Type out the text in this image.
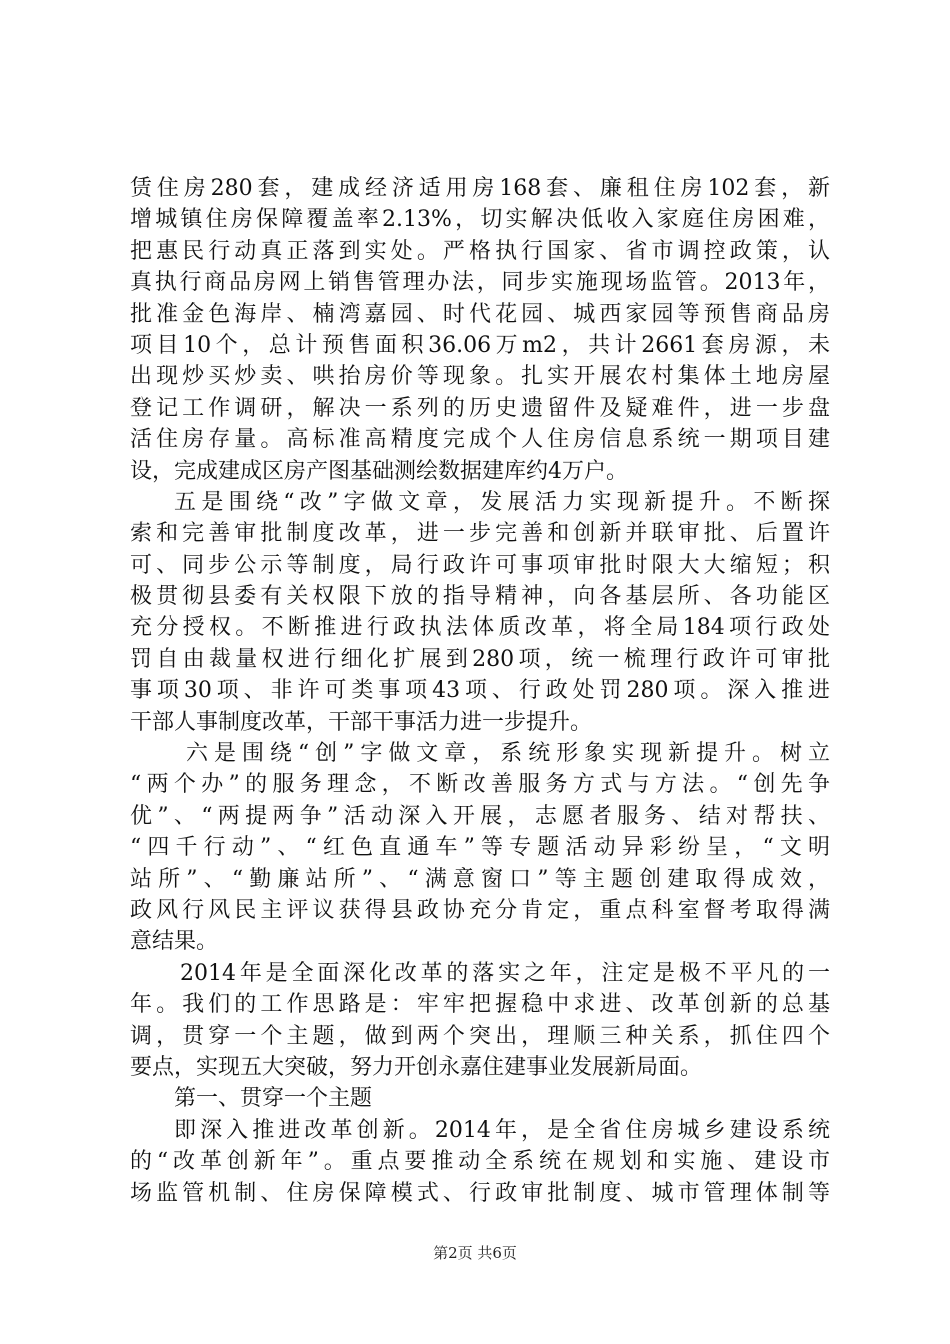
赁住房280套，建成经济适用房168套、廉租住房102套，新
增城镇住房保障覆盖率2.13%，切实解决低收入家庭住房困难，
把惠民行动真正落到实处。严格执行国家、省市调控政策，认
真执行商品房网上销售管理办法，同步实施现场监管。2013年，
批准金色海岸、楠湾嘉园、时代花园、城西家园等预售商品房
项目10个，总计预售面积36.06万m2，共计2661套房源，未
出现炒买炒卖、哄抬房价等现象。扎实开展农村集体土地房屋
登记工作调研，解决一系列的历史遗留件及疑难件，进一步盘
活住房存量。高标准高精度完成个人住房信息系统一期项目建
设，完成建成区房产图基础测绘数据建库约4万户。
五是围绕“改”字做文章，发展活力实现新提升。不断探
索和完善审批制度改革，进一步完善和创新并联审批、后置许
可、同步公示等制度，局行政许可事项审批时限大大缩短；积
极贯彻县委有关权限下放的指导精神，向各基层所、各功能区
充分授权。不断推进行政执法体质改革，将全局184项行政处
罚自由裁量权进行细化扩展到280项，统一梳理行政许可审批
事项30项、非许可类事项43项、行政处罚280项。深入推进
干部人事制度改革，干部干事活力进一步提升。
六是围绕“创”字做文章，系统形象实现新提升。树立
“两个办”的服务理念，不断改善服务方式与方法。“创先争
优”、“两提两争”活动深入开展，志愿者服务、结对帮扶、
“四千行动”、“红色直通车”等专题活动异彩纷呈，“文明
站所”、“勤廉站所”、“满意窗口”等主题创建取得成效，
政风行风民主评议获得县政协充分肯定，重点科室督考取得满
意结果。
2014年是全面深化改革的落实之年，注定是极不平凡的一
年。我们的工作思路是：牢牢把握稳中求进、改革创新的总基
调，贯穿一个主题，做到两个突出，理顺三种关系，抓住四个
要点，实现五大突破，努力开创永嘉住建事业发展新局面。
第一、贯穿一个主题
即深入推进改革创新。2014年，是全省住房城乡建设系统
的“改革创新年”。重点要推动全系统在规划和实施、建设市
场监管机制、住房保障模式、行政审批制度、城市管理体制等
第2页 共6页
